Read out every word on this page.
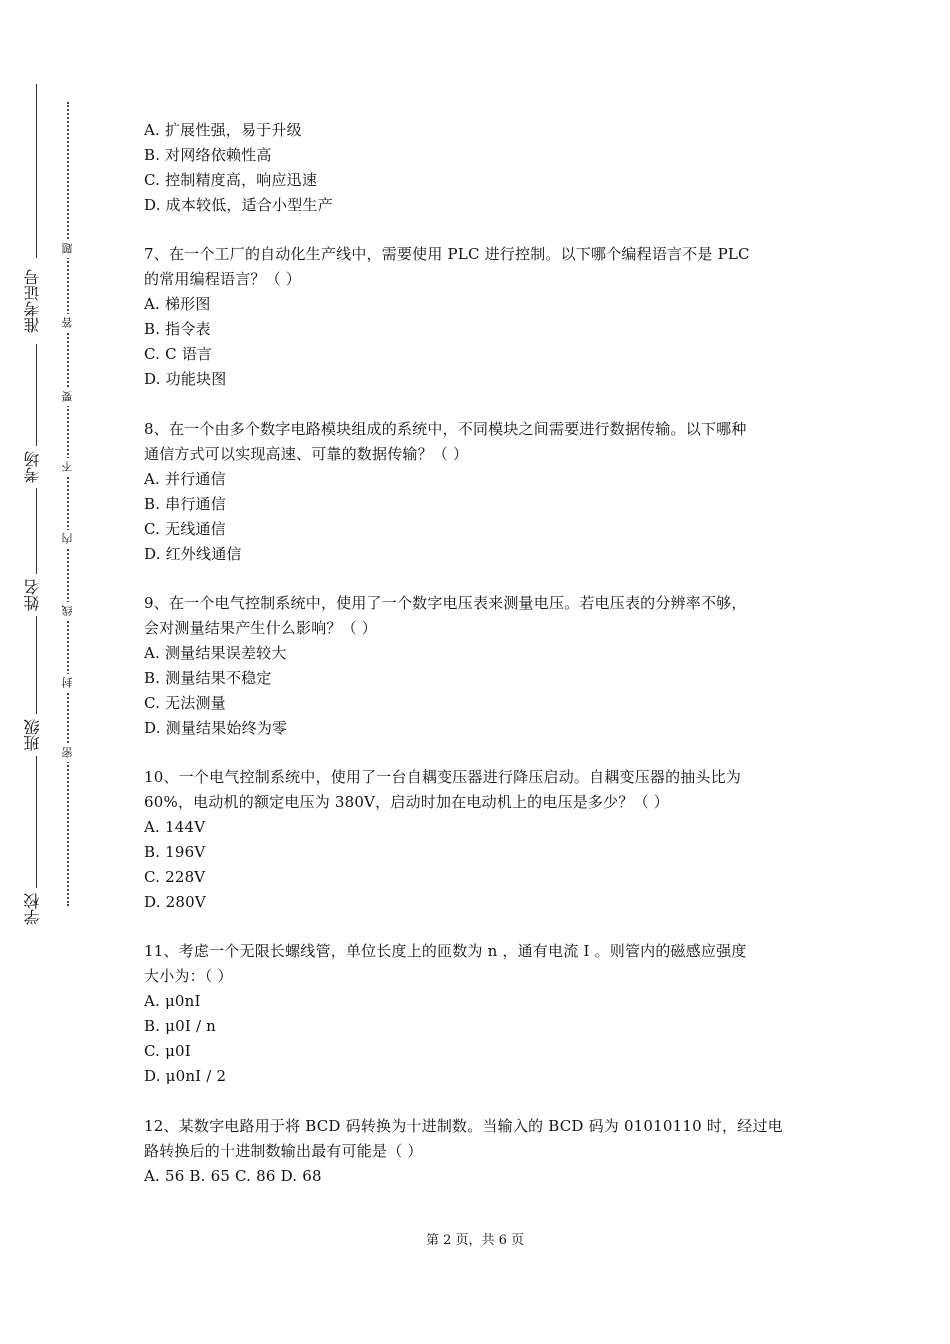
准考证号
考场
姓名
班级
学校
题
答
要
不
内
线
封
密
A. 扩展性强，易于升级
B. 对网络依赖性高
C. 控制精度高，响应迅速
D. 成本较低，适合小型生产
7、在一个工厂的自动化生产线中，需要使用 PLC 进行控制。以下哪个编程语言不是 PLC
的常用编程语言？（ ）
A. 梯形图
B. 指令表
C. C 语言
D. 功能块图
8、在一个由多个数字电路模块组成的系统中，不同模块之间需要进行数据传输。以下哪种
通信方式可以实现高速、可靠的数据传输？（ ）
A. 并行通信
B. 串行通信
C. 无线通信
D. 红外线通信
9、在一个电气控制系统中，使用了一个数字电压表来测量电压。若电压表的分辨率不够，
会对测量结果产生什么影响？（ ）
A. 测量结果误差较大
B. 测量结果不稳定
C. 无法测量
D. 测量结果始终为零
10、一个电气控制系统中，使用了一台自耦变压器进行降压启动。自耦变压器的抽头比为
60%，电动机的额定电压为 380V，启动时加在电动机上的电压是多少？（ ）
A. 144V
B. 196V
C. 228V
D. 280V
11、考虑一个无限长螺线管，单位长度上的匝数为 n ，通有电流 I 。则管内的磁感应强度
大小为：（ ）
A. μ0nI
B. μ0I / n
C. μ0I
D. μ0nI / 2
12、某数字电路用于将 BCD 码转换为十进制数。当输入的 BCD 码为 01010110 时，经过电
路转换后的十进制数输出最有可能是（ ）
A. 56 B. 65 C. 86 D. 68
第 2 页，共 6 页
